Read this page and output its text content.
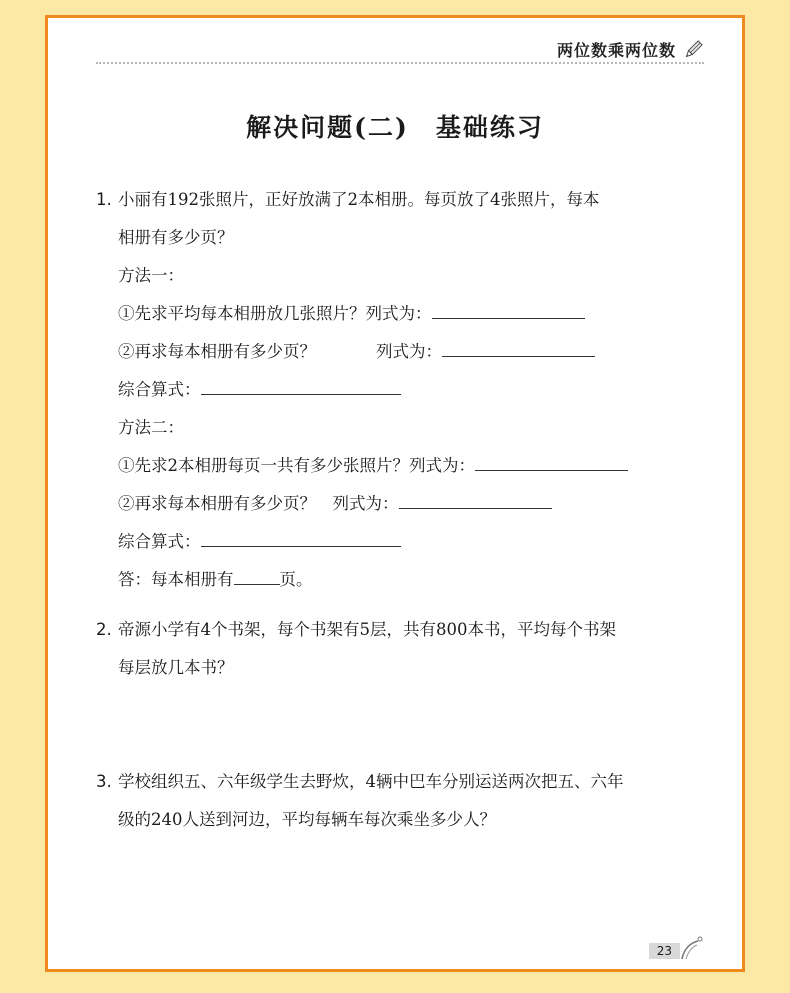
两位数乘两位数
解决问题(二)　基础练习
1. 小丽有192张照片，正好放满了2本相册。每页放了4张照片，每本
相册有多少页？
方法一：
①先求平均每本相册放几张照片？列式为：
②再求每本相册有多少页？	列式为：
综合算式：
方法二：
①先求2本相册每页一共有多少张照片？列式为：
②再求每本相册有多少页？　列式为：
综合算式：
答：每本相册有	页。
2. 帝源小学有4个书架，每个书架有5层，共有800本书，平均每个书架
每层放几本书？
3. 学校组织五、六年级学生去野炊，4辆中巴车分别运送两次把五、六年
级的240人送到河边，平均每辆车每次乘坐多少人？
23
